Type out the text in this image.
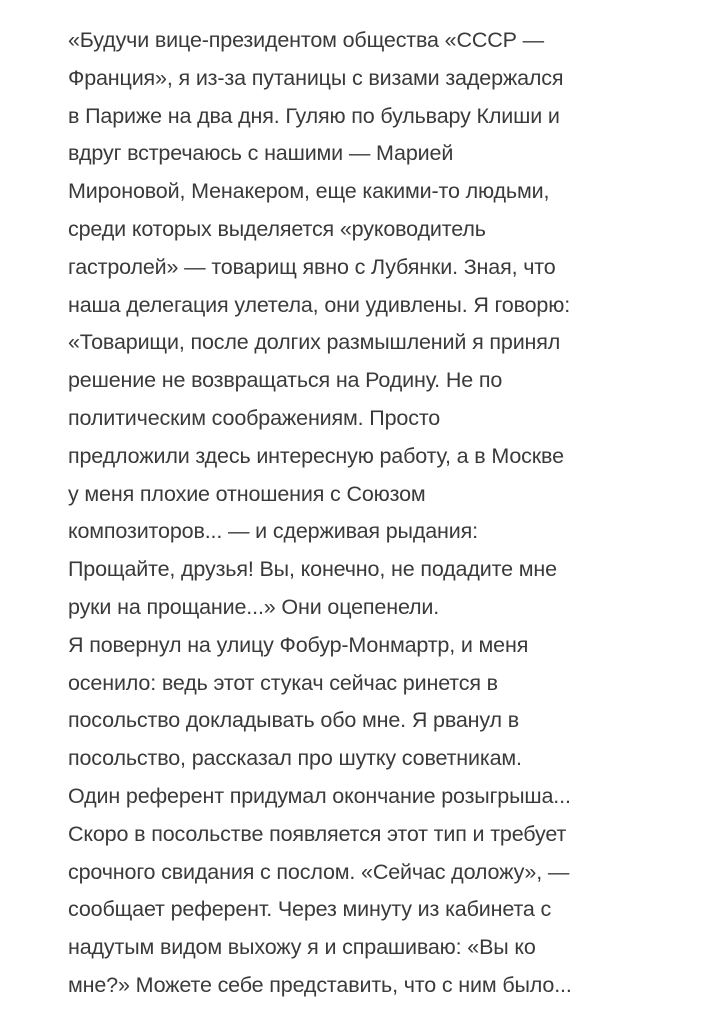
«Будучи вице-президентом общества «СССР —
Франция», я из-за путаницы с визами задержался
в Париже на два дня. Гуляю по бульвару Клиши и
вдруг встречаюсь с нашими — Марией
Мироновой, Менакером, еще какими-то людьми,
среди которых выделяется «руководитель
гастролей» — товарищ явно с Лубянки. Зная, что
наша делегация улетела, они удивлены. Я говорю:
«Товарищи, после долгих размышлений я принял
решение не возвращаться на Родину. Не по
политическим соображениям. Просто
предложили здесь интересную работу, а в Москве
у меня плохие отношения с Союзом
композиторов... — и сдерживая рыдания:
Прощайте, друзья! Вы, конечно, не подадите мне
руки на прощание...» Они оцепенели.
Я повернул на улицу Фобур-Монмартр, и меня
осенило: ведь этот стукач сейчас ринется в
посольство докладывать обо мне. Я рванул в
посольство, рассказал про шутку советникам.
Один референт придумал окончание розыгрыша...
Скоро в посольстве появляется этот тип и требует
срочного свидания с послом. «Сейчас доложу», —
сообщает референт. Через минуту из кабинета с
надутым видом выхожу я и спрашиваю: «Вы ко
мне?» Можете себе представить, что с ним было...
